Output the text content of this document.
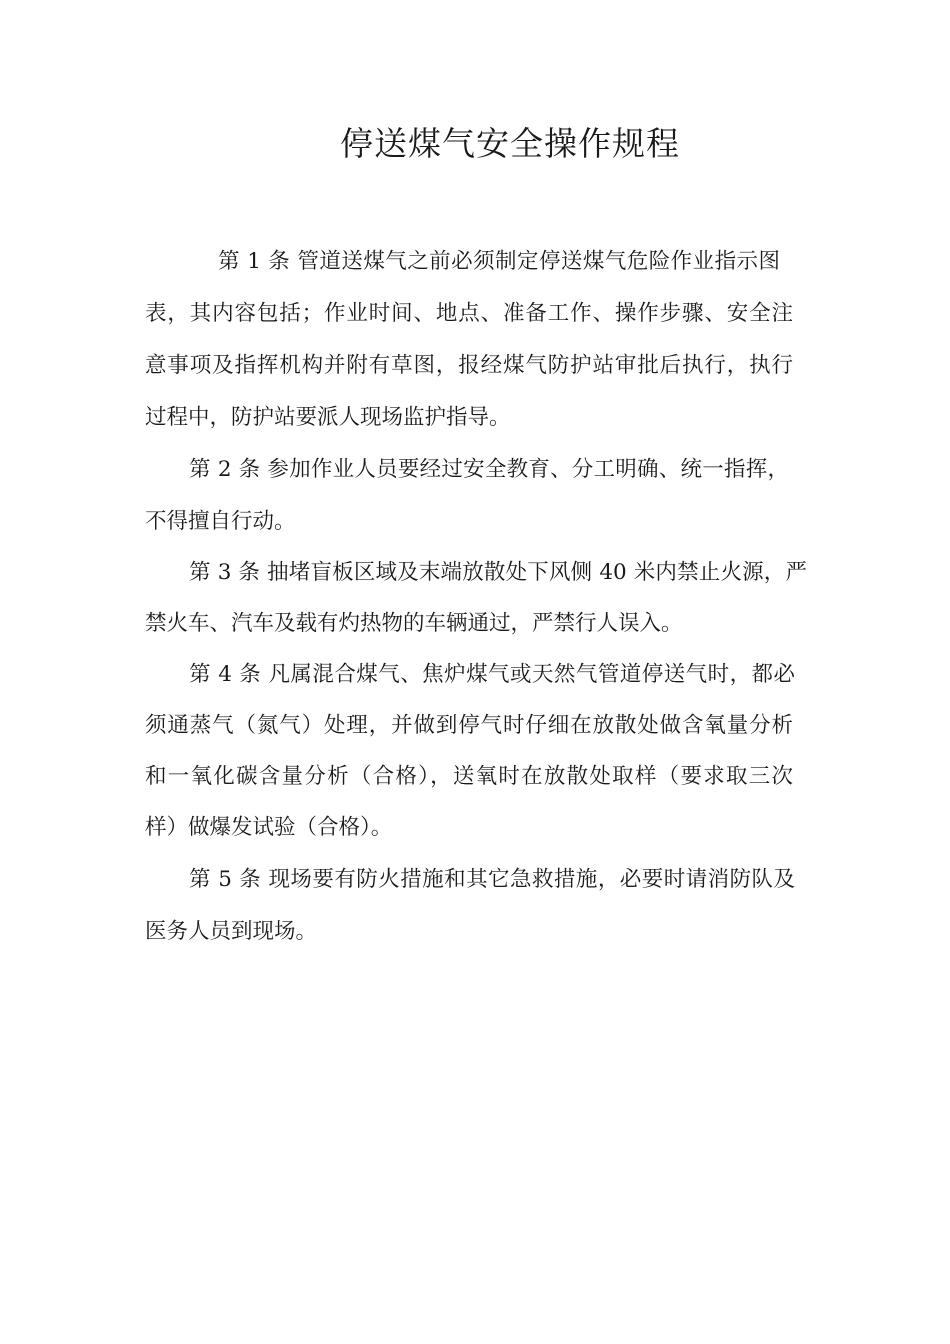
停送煤气安全操作规程

第 1 条 管道送煤气之前必须制定停送煤气危险作业指示图

表，其内容包括；作业时间、地点、准备工作、操作步骤、安全注

意事项及指挥机构并附有草图，报经煤气防护站审批后执行，执行

过程中，防护站要派人现场监护指导。

第 2 条 参加作业人员要经过安全教育、分工明确、统一指挥，

不得擅自行动。

第 3 条 抽堵盲板区域及末端放散处下风侧 40 米内禁止火源，严

禁火车、汽车及载有灼热物的车辆通过，严禁行人误入。

第 4 条 凡属混合煤气、焦炉煤气或天然气管道停送气时，都必

须通蒸气（氮气）处理，并做到停气时仔细在放散处做含氧量分析

和一氧化碳含量分析（合格），送氧时在放散处取样（要求取三次

样）做爆发试验（合格）。

第 5 条 现场要有防火措施和其它急救措施，必要时请消防队及

医务人员到现场。
